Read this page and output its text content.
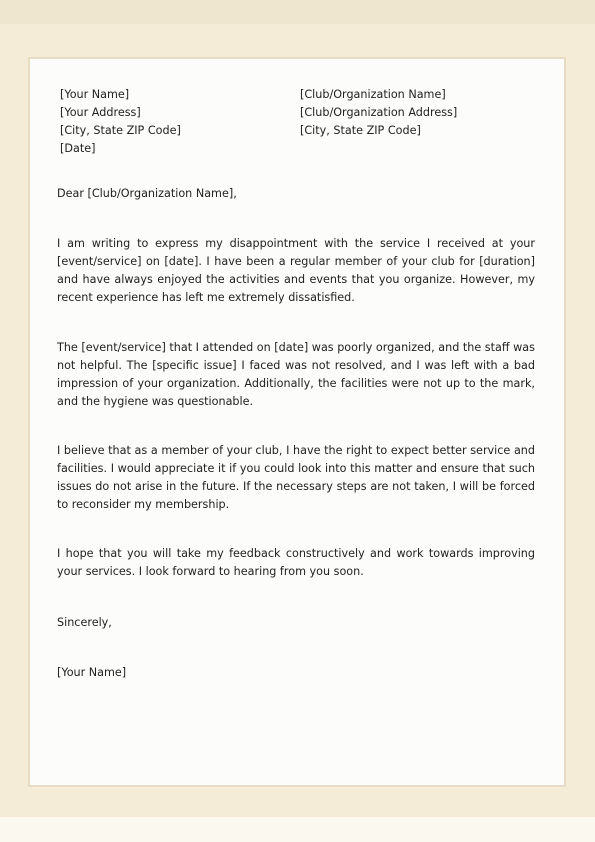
[Your Name]
[Your Address]
[City, State ZIP Code]
[Date]
[Club/Organization Name]
[Club/Organization Address]
[City, State ZIP Code]
Dear [Club/Organization Name],
I am writing to express my disappointment with the service I received at your [event/service] on [date]. I have been a regular member of your club for [duration] and have always enjoyed the activities and events that you organize. However, my recent experience has left me extremely dissatisfied.
The [event/service] that I attended on [date] was poorly organized, and the staff was not helpful. The [specific issue] I faced was not resolved, and I was left with a bad impression of your organization. Additionally, the facilities were not up to the mark, and the hygiene was questionable.
I believe that as a member of your club, I have the right to expect better service and facilities. I would appreciate it if you could look into this matter and ensure that such issues do not arise in the future. If the necessary steps are not taken, I will be forced to reconsider my membership.
I hope that you will take my feedback constructively and work towards improving your services. I look forward to hearing from you soon.
Sincerely,
[Your Name]
